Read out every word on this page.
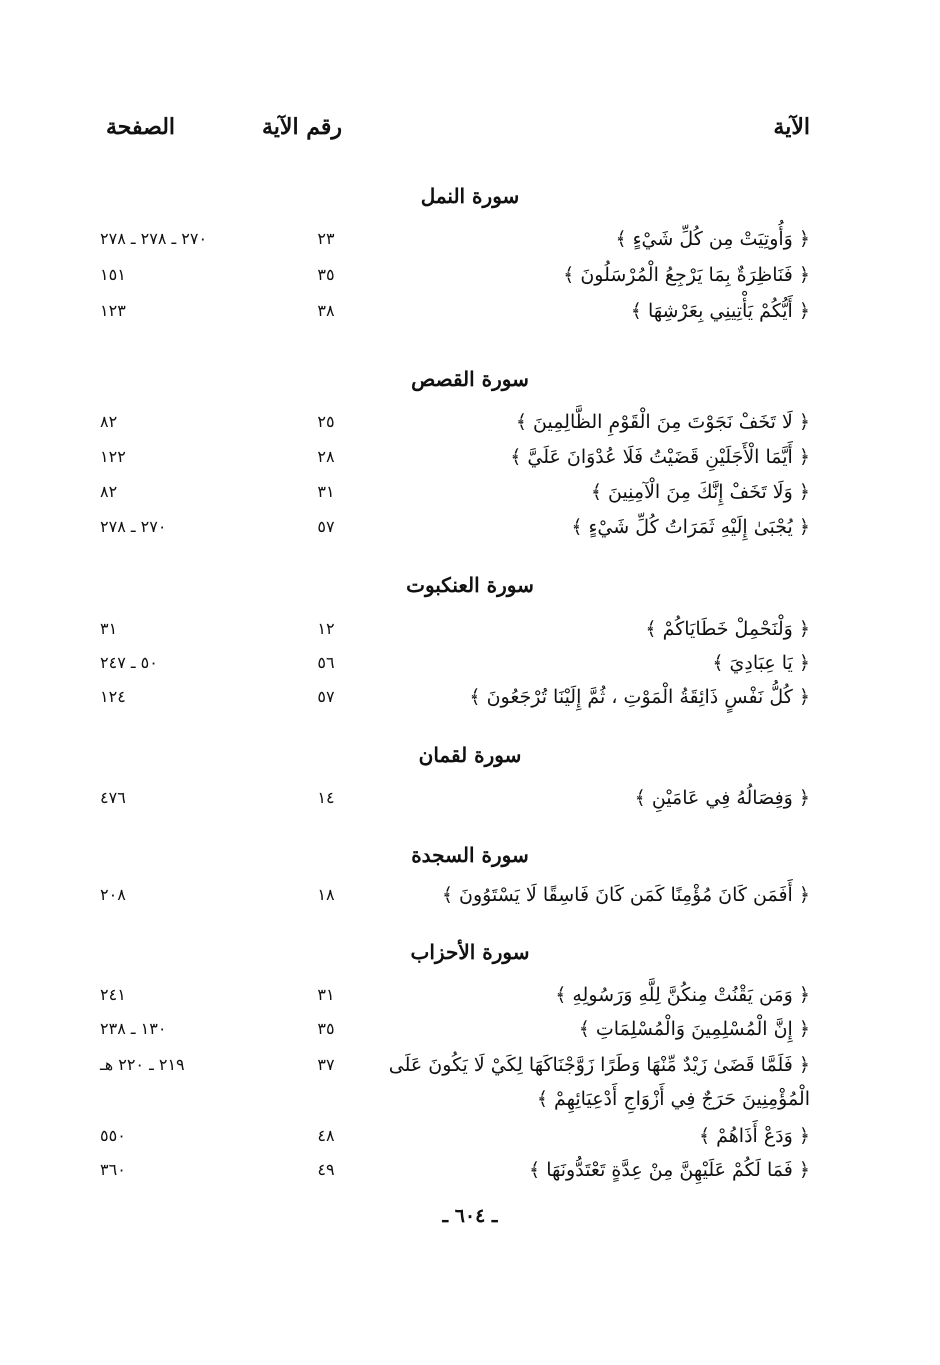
الآية
رقم الآية
الصفحة
سورة النمل
﴿ وَأُوتِيَتْ مِن كُلِّ شَيْءٍ ﴾
٢٣
٢٧٠ ـ ٢٧٨ ـ ٢٧٨
﴿ فَنَاظِرَةٌ بِمَا يَرْجِعُ الْمُرْسَلُونَ ﴾
٣٥
١٥١
﴿ أَيُّكُمْ يَأْتِينِي بِعَرْشِهَا ﴾
٣٨
١٢٣
سورة القصص
﴿ لَا تَخَفْ نَجَوْتَ مِنَ الْقَوْمِ الظَّالِمِينَ ﴾
٢٥
٨٢
﴿ أَيَّمَا الْأَجَلَيْنِ قَضَيْتُ فَلَا عُدْوَانَ عَلَيَّ ﴾
٢٨
١٢٢
﴿ وَلَا تَخَفْ إِنَّكَ مِنَ الْآمِنِينَ ﴾
٣١
٨٢
﴿ يُجْبَىٰ إِلَيْهِ ثَمَرَاتُ كُلِّ شَيْءٍ ﴾
٥٧
٢٧٠ ـ ٢٧٨
سورة العنكبوت
﴿ وَلْنَحْمِلْ خَطَايَاكُمْ ﴾
١٢
٣١
﴿ يَا عِبَادِيَ ﴾
٥٦
٥٠ ـ ٢٤٧
﴿ كُلُّ نَفْسٍ ذَائِقَةُ الْمَوْتِ ، ثُمَّ إِلَيْنَا تُرْجَعُونَ ﴾
٥٧
١٢٤
سورة لقمان
﴿ وَفِصَالُهُ فِي عَامَيْنِ ﴾
١٤
٤٧٦
سورة السجدة
﴿ أَفَمَن كَانَ مُؤْمِنًا كَمَن كَانَ فَاسِقًا لَا يَسْتَوُونَ ﴾
١٨
٢٠٨
سورة الأحزاب
﴿ وَمَن يَقْنُتْ مِنكُنَّ لِلَّهِ وَرَسُولِهِ ﴾
٣١
٢٤١
﴿ إِنَّ الْمُسْلِمِينَ وَالْمُسْلِمَاتِ ﴾
٣٥
١٣٠ ـ ٢٣٨
﴿ فَلَمَّا قَضَىٰ زَيْدٌ مِّنْهَا وَطَرًا زَوَّجْنَاكَهَا لِكَيْ لَا يَكُونَ عَلَى
٣٧
٢١٩ ـ ٢٢٠ هـ
الْمُؤْمِنِينَ حَرَجٌ فِي أَزْوَاجِ أَدْعِيَائِهِمْ ﴾
﴿ وَدَعْ أَذَاهُمْ ﴾
٤٨
٥٥٠
﴿ فَمَا لَكُمْ عَلَيْهِنَّ مِنْ عِدَّةٍ تَعْتَدُّونَهَا ﴾
٤٩
٣٦٠
ـ ٦٠٤ ـ
